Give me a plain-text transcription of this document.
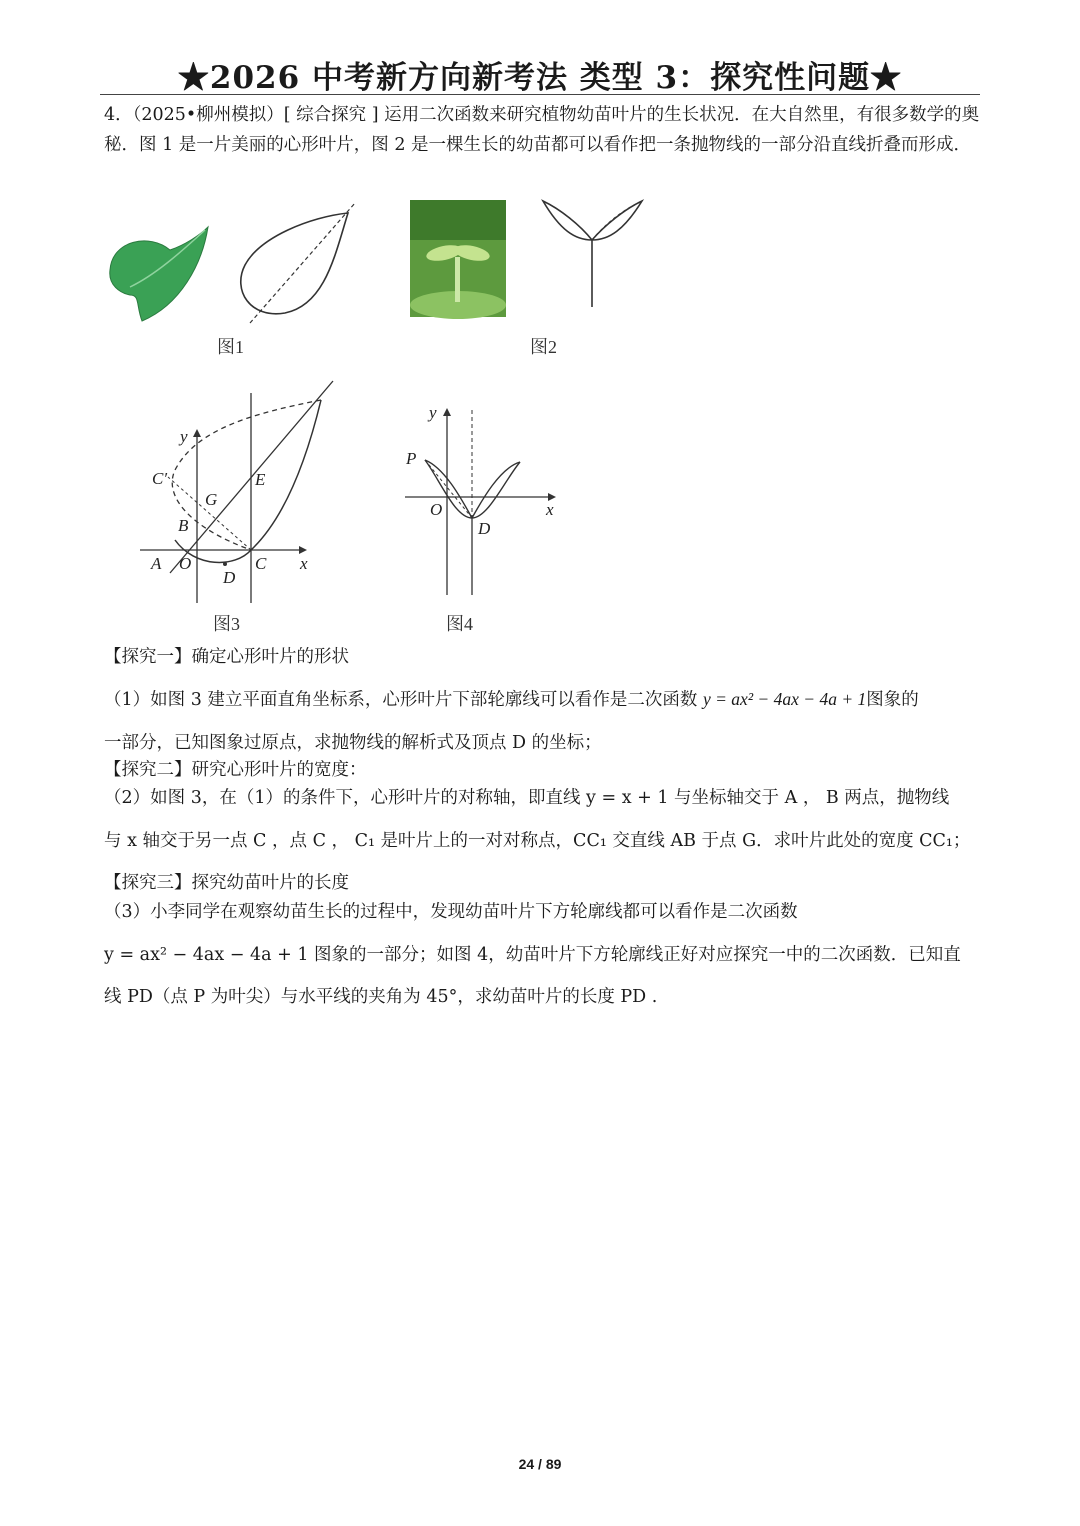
★2026 中考新方向新考法 类型 3：探究性问题★
4．（2025•柳州模拟）[ 综合探究 ] 运用二次函数来研究植物幼苗叶片的生长状况．在大自然里，有很多数学的奥秘．图 1 是一片美丽的心形叶片，图 2 是一棵生长的幼苗都可以看作把一条抛物线的一部分沿直线折叠而形成．
图1	图2
y
C′
G
E
B
A O
D
C x
图3
y
P
O
D
x
图4
【探究一】确定心形叶片的形状
（1）如图 3 建立平面直角坐标系，心形叶片下部轮廓线可以看作是二次函数 y = ax² − 4ax − 4a + 1图象的
一部分，已知图象过原点，求抛物线的解析式及顶点 D 的坐标；
【探究二】研究心形叶片的宽度：
（2）如图 3，在（1）的条件下，心形叶片的对称轴，即直线 y = x + 1 与坐标轴交于 A ， B 两点，抛物线
与 x 轴交于另一点 C ，点 C ， C₁ 是叶片上的一对对称点，CC₁ 交直线 AB 于点 G．求叶片此处的宽度 CC₁；
【探究三】探究幼苗叶片的长度
（3）小李同学在观察幼苗生长的过程中，发现幼苗叶片下方轮廓线都可以看作是二次函数
y = ax² − 4ax − 4a + 1 图象的一部分；如图 4，幼苗叶片下方轮廓线正好对应探究一中的二次函数．已知直
线 PD（点 P 为叶尖）与水平线的夹角为 45°，求幼苗叶片的长度 PD .
24 / 89
